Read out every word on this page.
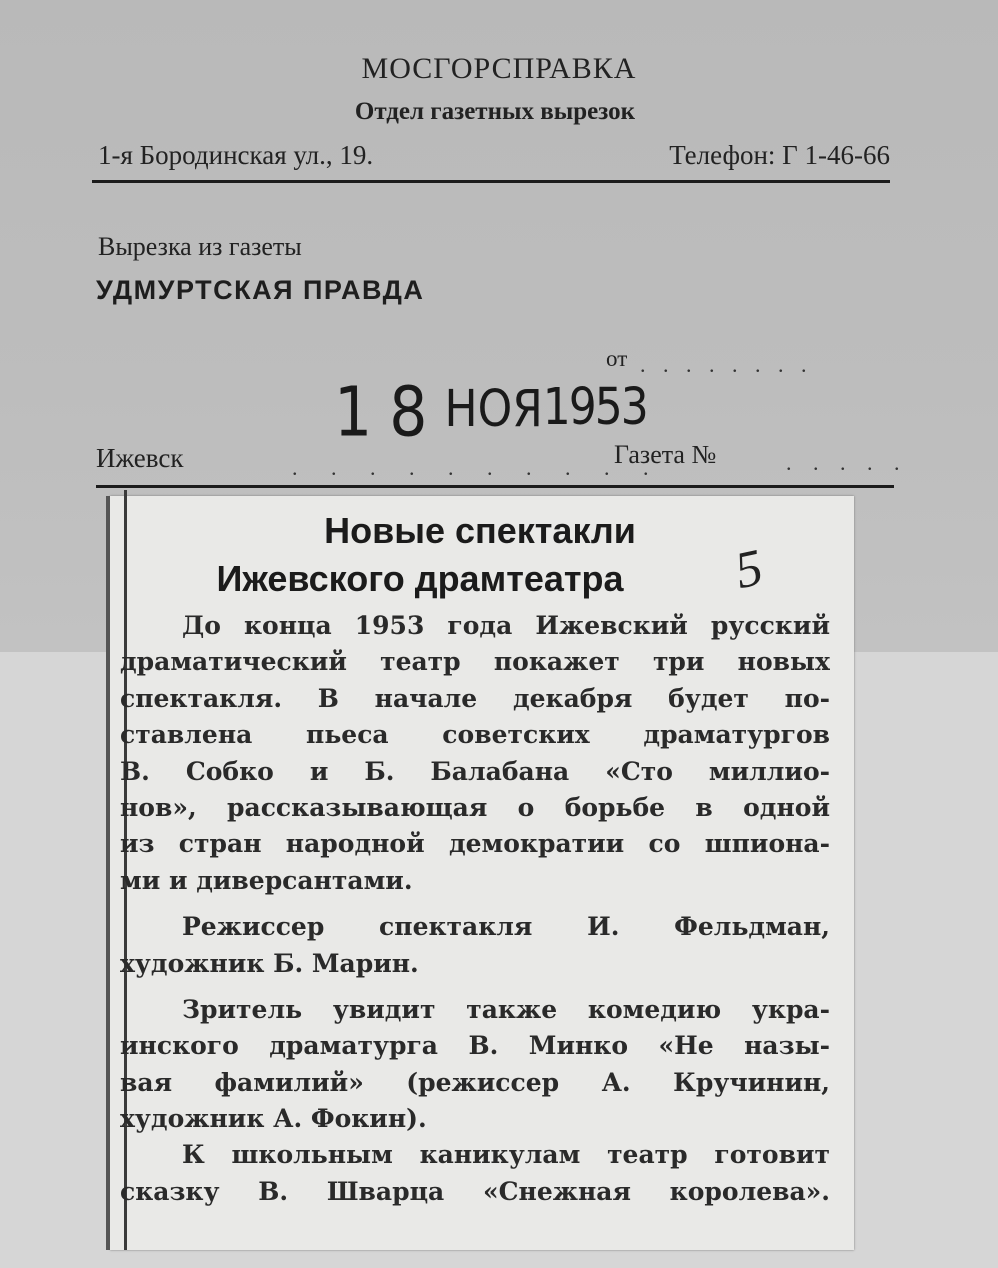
МОСГОРСПРАВКА
Отдел газетных вырезок
1-я Бородинская ул., 19.	Телефон: Г 1-46-66
Вырезка из газеты
УДМУРТСКАЯ ПРАВДА
от . . . . . . . .
1 8 НОЯ1953
Ижевск	. . . . . . . . . .
Газета №	. . . . .
Новые спектакли
Ижевского драмтеатра	5
До конца 1953 года Ижевский русский
драматический театр покажет три новых
спектакля. В начале декабря будет по-
ставлена пьеса советских драматургов
В. Собко и Б. Балабана «Сто миллио-
нов», рассказывающая о борьбе в одной
из стран народной демократии со шпиона-
ми и диверсантами.
Режиссер спектакля И. Фельдман,
художник Б. Марин.
Зритель увидит также комедию укра-
инского драматурга В. Минко «Не назы-
вая фамилий» (режиссер А. Кручинин,
художник А. Фокин).
К школьным каникулам театр готовит
сказку В. Шварца «Снежная королева».
